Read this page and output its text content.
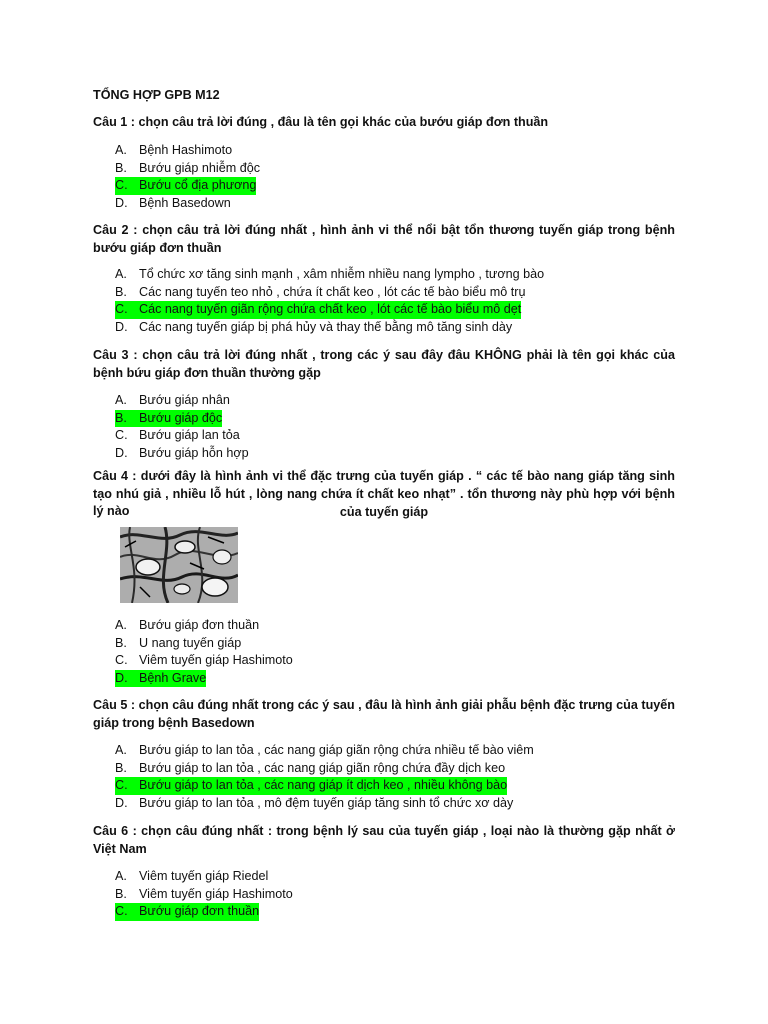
TỔNG HỢP GPB M12
Câu 1 : chọn câu trả lời đúng , đâu là tên gọi khác của bướu giáp đơn thuần
A. Bệnh Hashimoto
B. Bướu giáp nhiễm độc
C. Bướu cổ địa phương
D. Bệnh Basedown
Câu 2 : chọn câu trả lời đúng nhất , hình ảnh vi thể nổi bật tổn thương tuyến giáp trong bệnh bướu giáp đơn thuần
A. Tổ chức xơ tăng sinh mạnh , xâm nhiễm nhiều nang lympho , tương bào
B. Các nang tuyến teo nhỏ , chứa ít chất keo , lót các tế bào biểu mô trụ
C. Các nang tuyến giãn rộng chứa chất keo , lót các tế bào biểu mô dẹt
D. Các nang tuyến giáp bị phá hủy và thay thế bằng mô tăng sinh dày
Câu 3 : chọn câu trả lời đúng nhất , trong các ý sau đây đâu KHÔNG phải là tên gọi khác của bệnh bứu giáp đơn thuần thường gặp
A. Bướu giáp nhân
B. Bướu giáp độc
C. Bướu giáp lan tỏa
D. Bướu giáp hỗn hợp
Câu 4 : dưới đây là hình ảnh vi thể đặc trưng của tuyến giáp . “ các tế bào nang giáp tăng sinh tạo nhú giả , nhiều lỗ hút , lòng nang chứa ít chất keo nhạt” . tổn thương này phù hợp với bệnh lý nào	của tuyến giáp
A. Bướu giáp đơn thuần
B. U nang tuyến giáp
C. Viêm tuyến giáp Hashimoto
D. Bệnh Grave
Câu 5 : chọn câu đúng nhất trong các ý sau , đâu là hình ảnh giải phẫu bệnh đặc trưng của tuyến giáp trong bệnh Basedown
A. Bướu giáp to lan tỏa , các nang giáp giãn rộng chứa nhiều tế bào viêm
B. Bướu giáp to lan tỏa , các nang giáp giãn rộng chứa đầy dịch keo
C. Bướu giáp to lan tỏa , các nang giáp ít dịch keo , nhiều không bào
D. Bướu giáp to lan tỏa , mô đệm tuyến giáp tăng sinh tổ chức xơ dày
Câu 6 : chọn câu đúng nhất : trong bệnh lý sau của tuyến giáp , loại nào là thường gặp nhất ở Việt Nam
A. Viêm tuyến giáp Riedel
B. Viêm tuyến giáp Hashimoto
C. Bướu giáp đơn thuần
